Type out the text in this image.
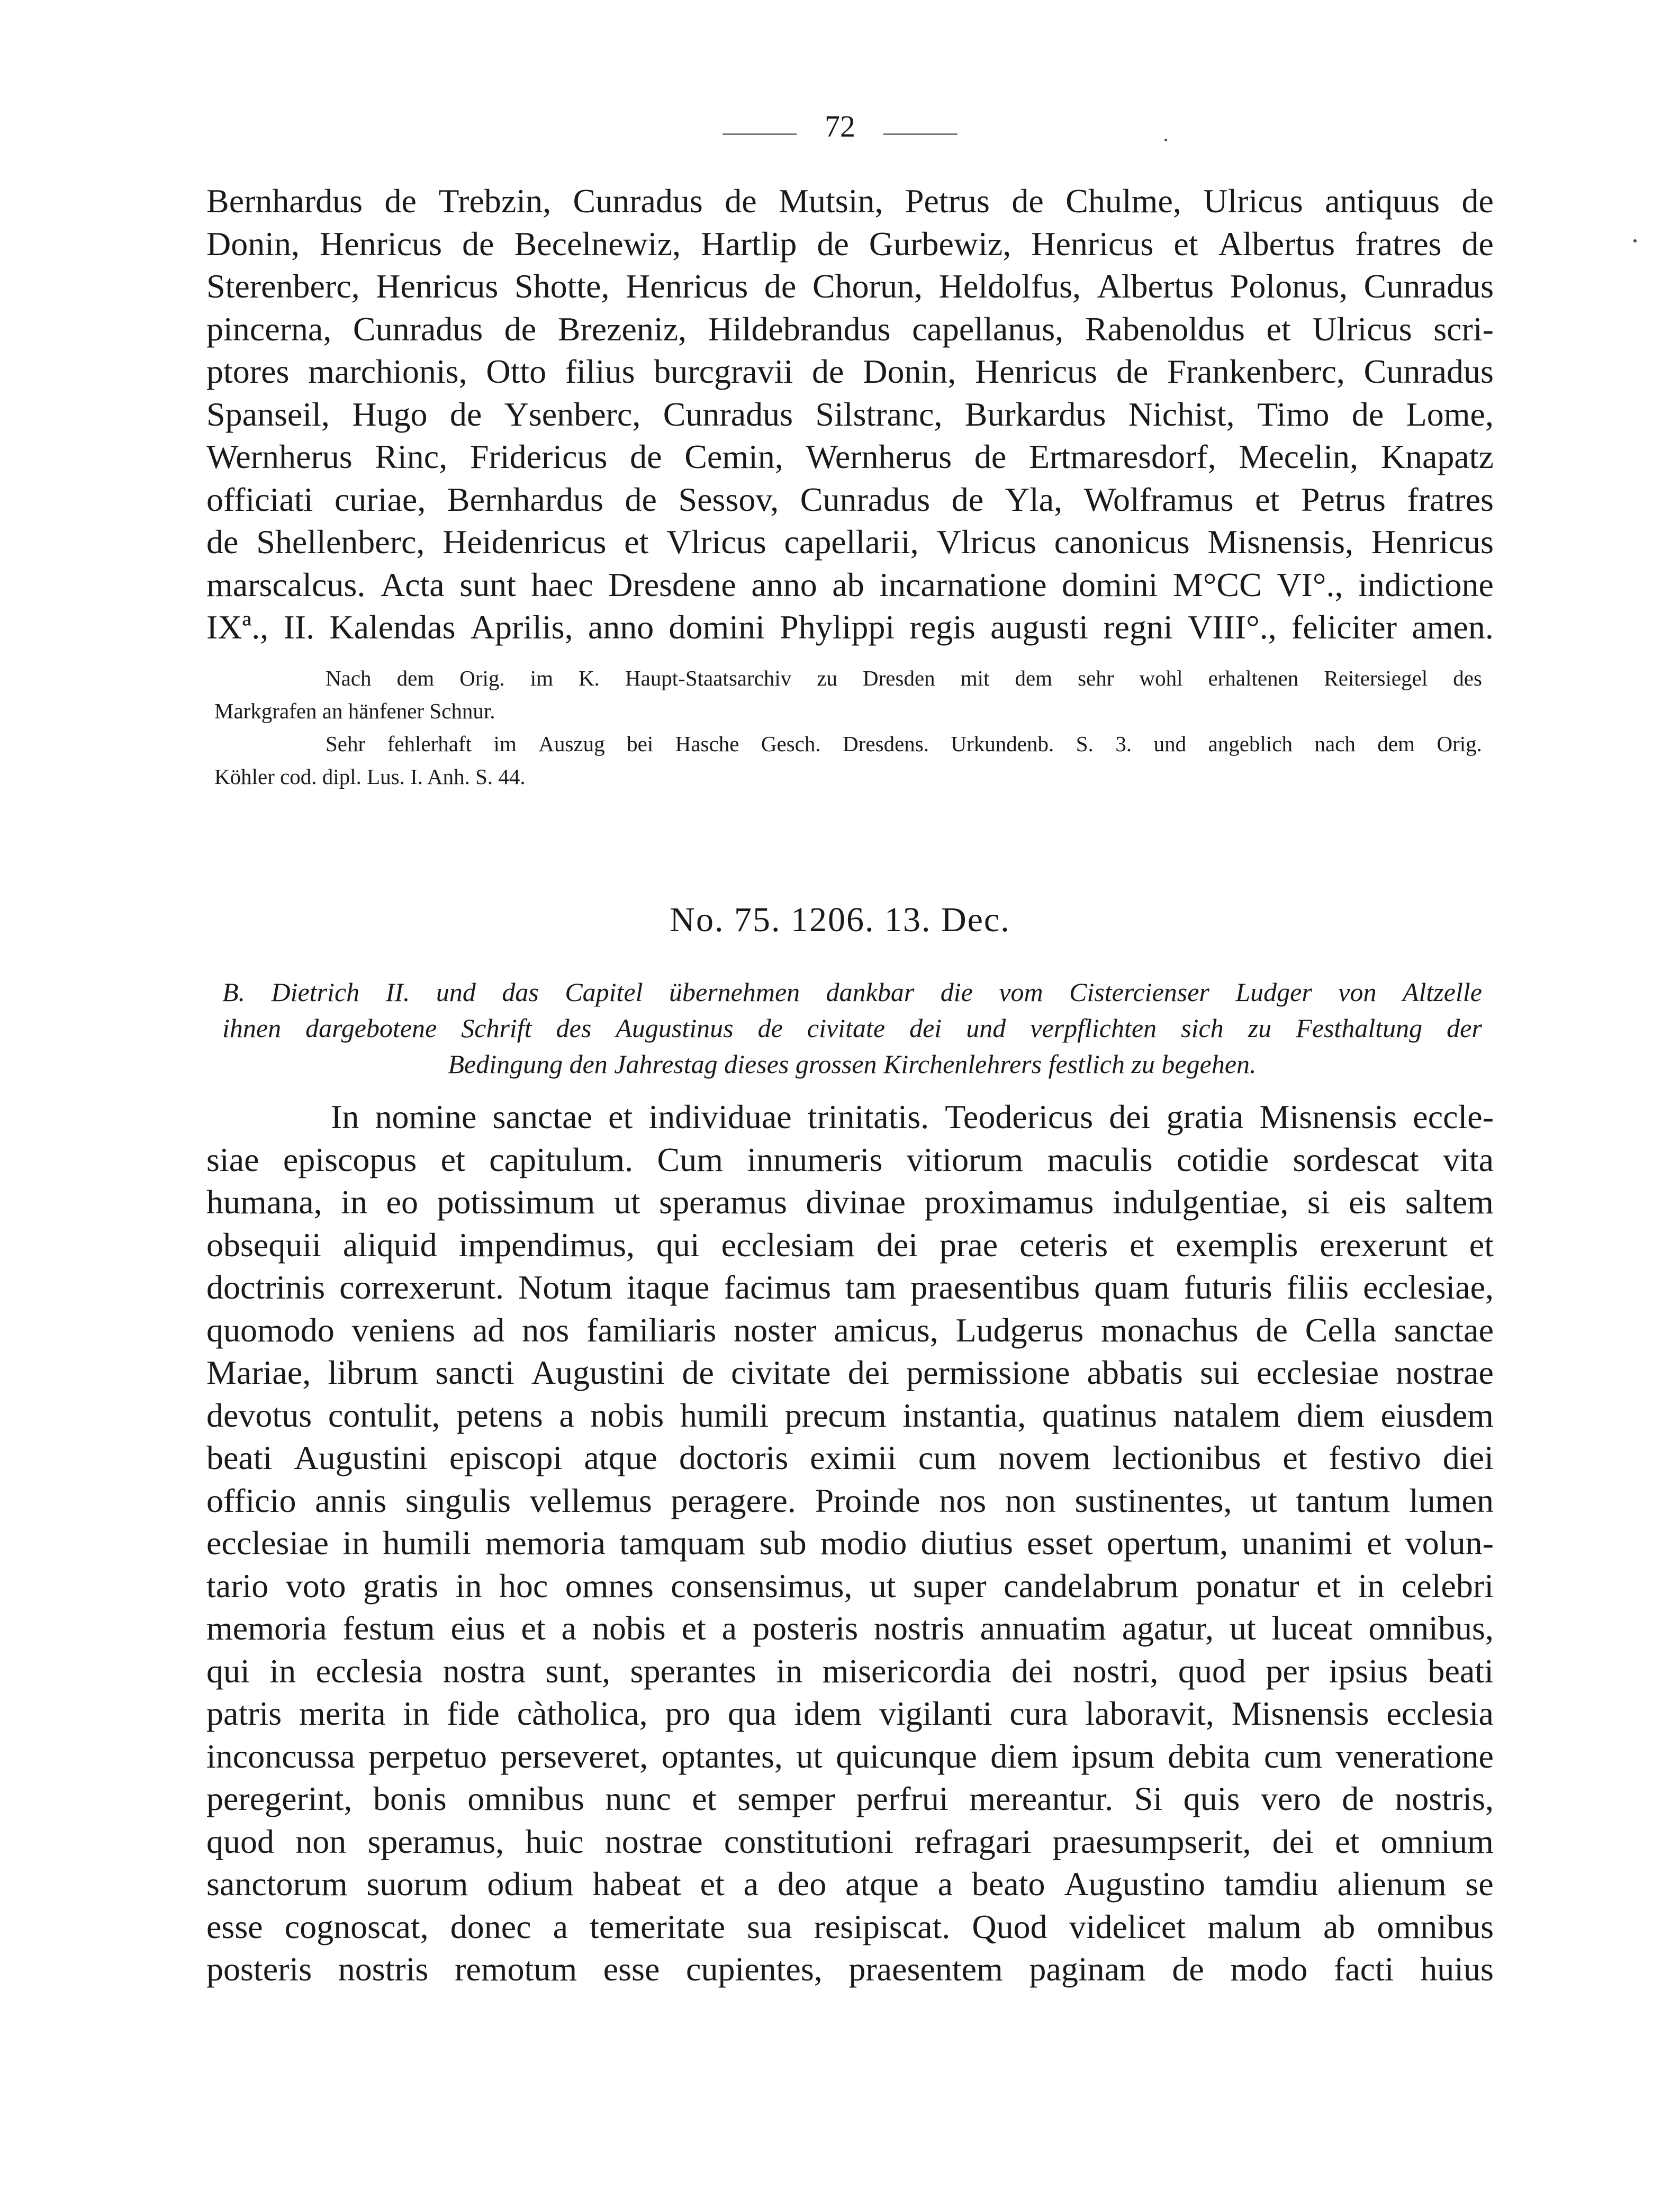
72
Bernhardus de Trebzin, Cunradus de Mutsin, Petrus de Chulme, Ulricus antiquus de
Donin, Henricus de Becelnewiz, Hartlip de Gurbewiz, Henricus et Albertus fratres de
Sterenberc, Henricus Shotte, Henricus de Chorun, Heldolfus, Albertus Polonus, Cunradus
pincerna, Cunradus de Brezeniz, Hildebrandus capellanus, Rabenoldus et Ulricus scri-
ptores marchionis, Otto filius burcgravii de Donin, Henricus de Frankenberc, Cunradus
Spanseil, Hugo de Ysenberc, Cunradus Silstranc, Burkardus Nichist, Timo de Lome,
Wernherus Rinc, Fridericus de Cemin, Wernherus de Ertmaresdorf, Mecelin, Knapatz
officiati curiae, Bernhardus de Sessov, Cunradus de Yla, Wolframus et Petrus fratres
de Shellenberc, Heidenricus et Vlricus capellarii, Vlricus canonicus Misnensis, Henricus
marscalcus. Acta sunt haec Dresdene anno ab incarnatione domini M°CC VI°., indictione
IXª., II. Kalendas Aprilis, anno domini Phylippi regis augusti regni VIII°., feliciter amen.
Nach dem Orig. im K. Haupt-Staatsarchiv zu Dresden mit dem sehr wohl erhaltenen Reitersiegel des
Markgrafen an hänfener Schnur.
Sehr fehlerhaft im Auszug bei Hasche Gesch. Dresdens. Urkundenb. S. 3. und angeblich nach dem Orig.
Köhler cod. dipl. Lus. I. Anh. S. 44.
No. 75. 1206. 13. Dec.
B. Dietrich II. und das Capitel übernehmen dankbar die vom Cistercienser Ludger von Altzelle
ihnen dargebotene Schrift des Augustinus de civitate dei und verpflichten sich zu Festhaltung der
Bedingung den Jahrestag dieses grossen Kirchenlehrers festlich zu begehen.
In nomine sanctae et individuae trinitatis. Teodericus dei gratia Misnensis eccle-
siae episcopus et capitulum. Cum innumeris vitiorum maculis cotidie sordescat vita
humana, in eo potissimum ut speramus divinae proximamus indulgentiae, si eis saltem
obsequii aliquid impendimus, qui ecclesiam dei prae ceteris et exemplis erexerunt et
doctrinis correxerunt. Notum itaque facimus tam praesentibus quam futuris filiis ecclesiae,
quomodo veniens ad nos familiaris noster amicus, Ludgerus monachus de Cella sanctae
Mariae, librum sancti Augustini de civitate dei permissione abbatis sui ecclesiae nostrae
devotus contulit, petens a nobis humili precum instantia, quatinus natalem diem eiusdem
beati Augustini episcopi atque doctoris eximii cum novem lectionibus et festivo diei
officio annis singulis vellemus peragere. Proinde nos non sustinentes, ut tantum lumen
ecclesiae in humili memoria tamquam sub modio diutius esset opertum, unanimi et volun-
tario voto gratis in hoc omnes consensimus, ut super candelabrum ponatur et in celebri
memoria festum eius et a nobis et a posteris nostris annuatim agatur, ut luceat omnibus,
qui in ecclesia nostra sunt, sperantes in misericordia dei nostri, quod per ipsius beati
patris merita in fide càtholica, pro qua idem vigilanti cura laboravit, Misnensis ecclesia
inconcussa perpetuo perseveret, optantes, ut quicunque diem ipsum debita cum veneratione
peregerint, bonis omnibus nunc et semper perfrui mereantur. Si quis vero de nostris,
quod non speramus, huic nostrae constitutioni refragari praesumpserit, dei et omnium
sanctorum suorum odium habeat et a deo atque a beato Augustino tamdiu alienum se
esse cognoscat, donec a temeritate sua resipiscat. Quod videlicet malum ab omnibus
posteris nostris remotum esse cupientes, praesentem paginam de modo facti huius
